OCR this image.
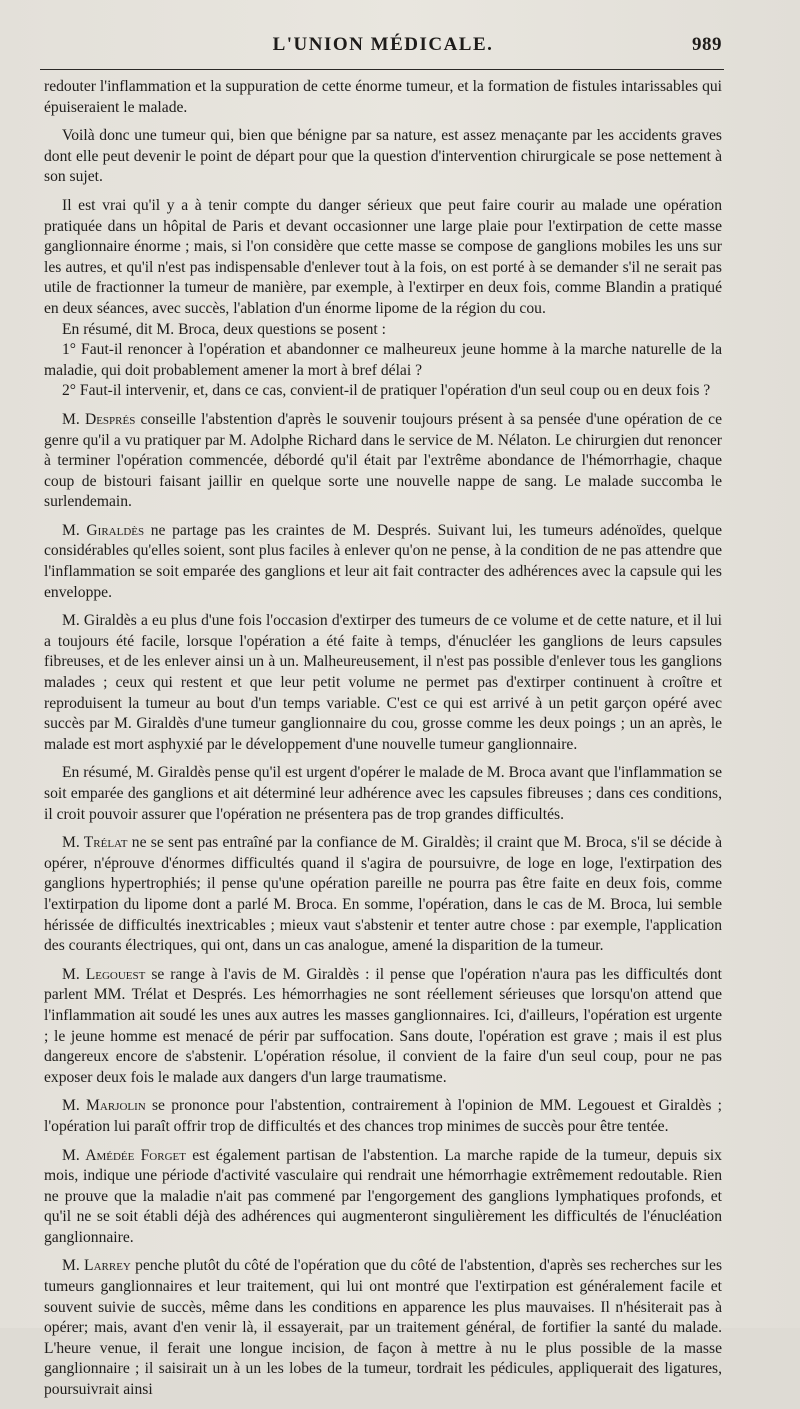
L'UNION MÉDICALE.	989

redouter l'inflammation et la suppuration de cette énorme tumeur, et la formation de fistules intarissables qui épuiseraient le malade.

Voilà donc une tumeur qui, bien que bénigne par sa nature, est assez menaçante par les accidents graves dont elle peut devenir le point de départ pour que la question d'intervention chirurgicale se pose nettement à son sujet.

Il est vrai qu'il y a à tenir compte du danger sérieux que peut faire courir au malade une opération pratiquée dans un hôpital de Paris et devant occasionner une large plaie pour l'extirpation de cette masse ganglionnaire énorme ; mais, si l'on considère que cette masse se compose de ganglions mobiles les uns sur les autres, et qu'il n'est pas indispensable d'enlever tout à la fois, on est porté à se demander s'il ne serait pas utile de fractionner la tumeur de manière, par exemple, à l'extirper en deux fois, comme Blandin a pratiqué en deux séances, avec succès, l'ablation d'un énorme lipome de la région du cou.

En résumé, dit M. Broca, deux questions se posent :

1° Faut-il renoncer à l'opération et abandonner ce malheureux jeune homme à la marche naturelle de la maladie, qui doit probablement amener la mort à bref délai ?

2° Faut-il intervenir, et, dans ce cas, convient-il de pratiquer l'opération d'un seul coup ou en deux fois ?

M. Després conseille l'abstention d'après le souvenir toujours présent à sa pensée d'une opération de ce genre qu'il a vu pratiquer par M. Adolphe Richard dans le service de M. Nélaton. Le chirurgien dut renoncer à terminer l'opération commencée, débordé qu'il était par l'extrême abondance de l'hémorrhagie, chaque coup de bistouri faisant jaillir en quelque sorte une nouvelle nappe de sang. Le malade succomba le surlendemain.

M. Giraldès ne partage pas les craintes de M. Després. Suivant lui, les tumeurs adénoïdes, quelque considérables qu'elles soient, sont plus faciles à enlever qu'on ne pense, à la condition de ne pas attendre que l'inflammation se soit emparée des ganglions et leur ait fait contracter des adhérences avec la capsule qui les enveloppe.

M. Giraldès a eu plus d'une fois l'occasion d'extirper des tumeurs de ce volume et de cette nature, et il lui a toujours été facile, lorsque l'opération a été faite à temps, d'énucléer les ganglions de leurs capsules fibreuses, et de les enlever ainsi un à un. Malheureusement, il n'est pas possible d'enlever tous les ganglions malades ; ceux qui restent et que leur petit volume ne permet pas d'extirper continuent à croître et reproduisent la tumeur au bout d'un temps variable. C'est ce qui est arrivé à un petit garçon opéré avec succès par M. Giraldès d'une tumeur ganglionnaire du cou, grosse comme les deux poings ; un an après, le malade est mort asphyxié par le développement d'une nouvelle tumeur ganglionnaire.

En résumé, M. Giraldès pense qu'il est urgent d'opérer le malade de M. Broca avant que l'inflammation se soit emparée des ganglions et ait déterminé leur adhérence avec les capsules fibreuses ; dans ces conditions, il croit pouvoir assurer que l'opération ne présentera pas de trop grandes difficultés.

M. Trélat ne se sent pas entraîné par la confiance de M. Giraldès; il craint que M. Broca, s'il se décide à opérer, n'éprouve d'énormes difficultés quand il s'agira de poursuivre, de loge en loge, l'extirpation des ganglions hypertrophiés; il pense qu'une opération pareille ne pourra pas être faite en deux fois, comme l'extirpation du lipome dont a parlé M. Broca. En somme, l'opération, dans le cas de M. Broca, lui semble hérissée de difficultés inextricables ; mieux vaut s'abstenir et tenter autre chose : par exemple, l'application des courants électriques, qui ont, dans un cas analogue, amené la disparition de la tumeur.

M. Legouest se range à l'avis de M. Giraldès : il pense que l'opération n'aura pas les difficultés dont parlent MM. Trélat et Després. Les hémorrhagies ne sont réellement sérieuses que lorsqu'on attend que l'inflammation ait soudé les unes aux autres les masses ganglionnaires. Ici, d'ailleurs, l'opération est urgente ; le jeune homme est menacé de périr par suffocation. Sans doute, l'opération est grave ; mais il est plus dangereux encore de s'abstenir. L'opération résolue, il convient de la faire d'un seul coup, pour ne pas exposer deux fois le malade aux dangers d'un large traumatisme.

M. Marjolin se prononce pour l'abstention, contrairement à l'opinion de MM. Legouest et Giraldès ; l'opération lui paraît offrir trop de difficultés et des chances trop minimes de succès pour être tentée.

M. Amédée Forget est également partisan de l'abstention. La marche rapide de la tumeur, depuis six mois, indique une période d'activité vasculaire qui rendrait une hémorrhagie extrêmement redoutable. Rien ne prouve que la maladie n'ait pas commené par l'engorgement des ganglions lymphatiques profonds, et qu'il ne se soit établi déjà des adhérences qui augmenteront singulièrement les difficultés de l'énucléation ganglionnaire.

M. Larrey penche plutôt du côté de l'opération que du côté de l'abstention, d'après ses recherches sur les tumeurs ganglionnaires et leur traitement, qui lui ont montré que l'extirpation est généralement facile et souvent suivie de succès, même dans les conditions en apparence les plus mauvaises. Il n'hésiterait pas à opérer; mais, avant d'en venir là, il essayerait, par un traitement général, de fortifier la santé du malade. L'heure venue, il ferait une longue incision, de façon à mettre à nu le plus possible de la masse ganglionnaire ; il saisirait un à un les lobes de la tumeur, tordrait les pédicules, appliquerait des ligatures, poursuivrait ainsi
